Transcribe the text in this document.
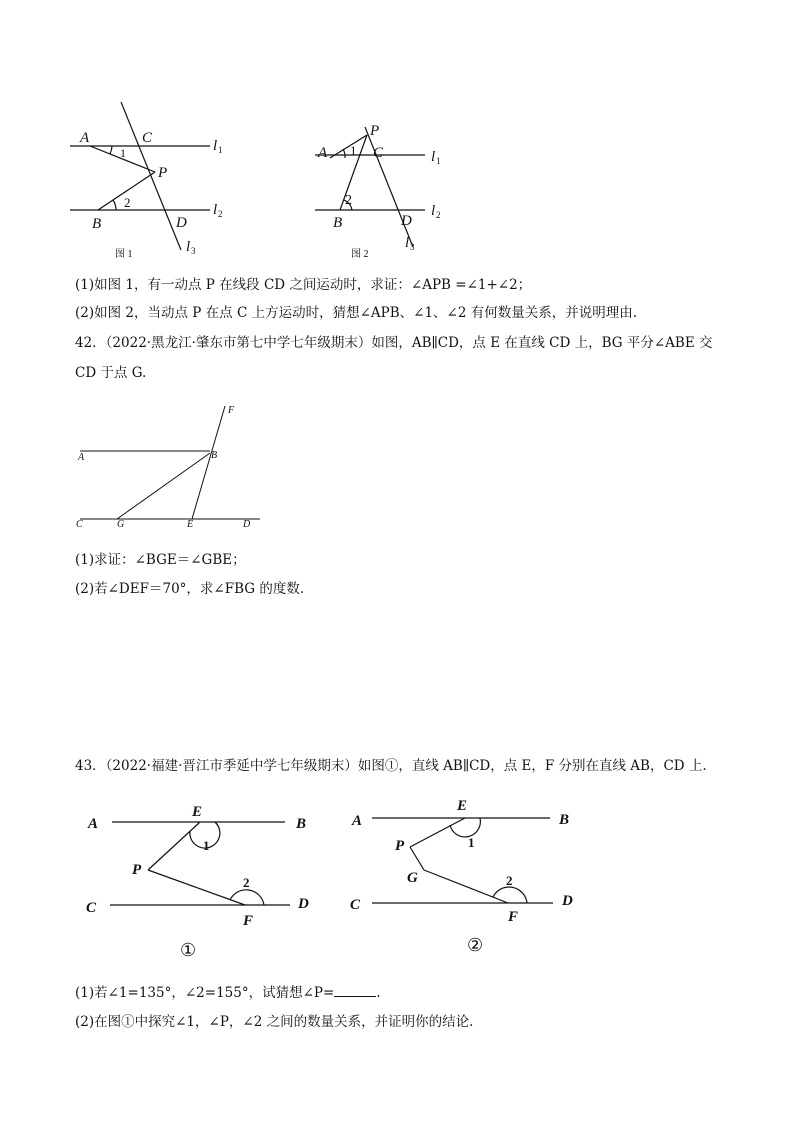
A	C
P
B	D
1
2
l 1
l 2
l 3
图 1
P
A	C
B	D
1
2
l 1
l 2
l 3
图 2
(1)如图 1，有一动点 P 在线段 CD 之间运动时，求证：∠APB =∠1+∠2；
(2)如图 2，当动点 P 在点 C 上方运动时，猜想∠APB、∠1、∠2 有何数量关系，并说明理由.
42．（2022·黑龙江·肇东市第七中学七年级期末）如图，AB∥CD，点 E 在直线 CD 上，BG 平分∠ABE 交
CD 于点 G.
F
A	B
C	G	E	D
(1)求证：∠BGE＝∠GBE；
(2)若∠DEF＝70°，求∠FBG 的度数.
43．（2022·福建·晋江市季延中学七年级期末）如图①，直线 AB∥CD，点 E，F 分别在直线 AB，CD 上.
A
E
B
P
C
F
D
1
2
①
A
E
B
P
G
C
F
D
1
2
②
(1)若∠1=135°，∠2=155°，试猜想∠P=	.
(2)在图①中探究∠1，∠P，∠2 之间的数量关系，并证明你的结论.
